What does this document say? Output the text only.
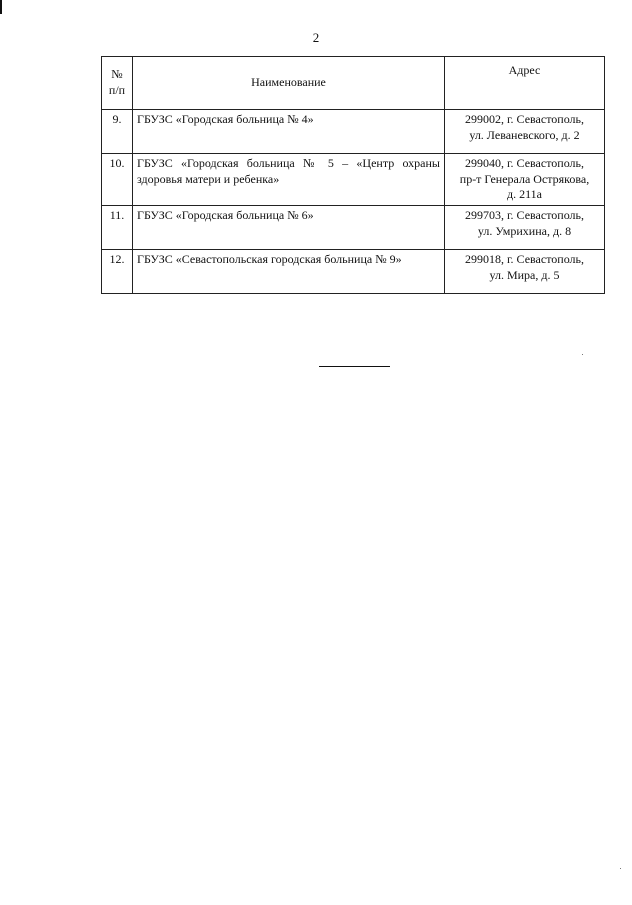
2
№ п/п	Наименование	Адрес
9.	ГБУЗС «Городская больница № 4»	299002, г. Севастополь,
ул. Леваневского, д. 2

10.	ГБУЗС «Городская больница № 5 – «Центр охраны здоровья матери и ребенка»	299040, г. Севастополь,
пр-т Генерала Острякова,
д. 211а

11.	ГБУЗС «Городская больница № 6»	299703, г. Севастополь,
ул. Умрихина, д. 8

12.	ГБУЗС «Севастопольская городская больница № 9»	299018, г. Севастополь,
ул. Мира, д. 5
